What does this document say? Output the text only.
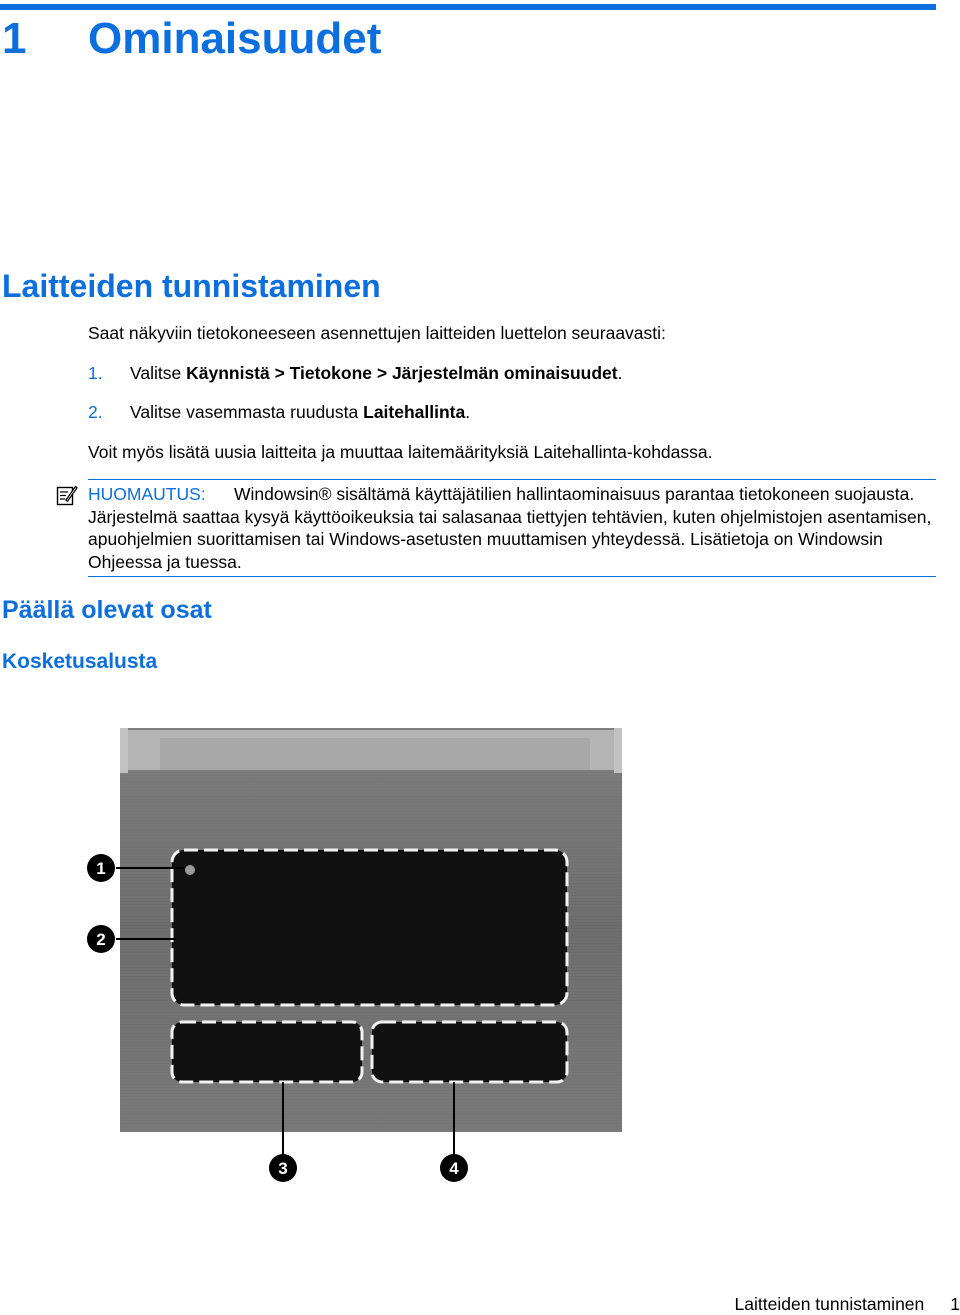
1 Ominaisuudet
Laitteiden tunnistaminen
Saat näkyviin tietokoneeseen asennettujen laitteiden luettelon seuraavasti:
1. Valitse Käynnistä > Tietokone > Järjestelmän ominaisuudet.
2. Valitse vasemmasta ruudusta Laitehallinta.
Voit myös lisätä uusia laitteita ja muuttaa laitemäärityksiä Laitehallinta-kohdassa.
HUOMAUTUS: Windowsin® sisältämä käyttäjätilien hallintaominaisuus parantaa tietokoneen suojausta. Järjestelmä saattaa kysyä käyttöoikeuksia tai salasanaa tiettyjen tehtävien, kuten ohjelmistojen asentamisen, apuohjelmien suorittamisen tai Windows-asetusten muuttamisen yhteydessä. Lisätietoja on Windowsin Ohjeessa ja tuessa.
Päällä olevat osat
Kosketusalusta
1
2
3	4
Laitteiden tunnistaminen 1
